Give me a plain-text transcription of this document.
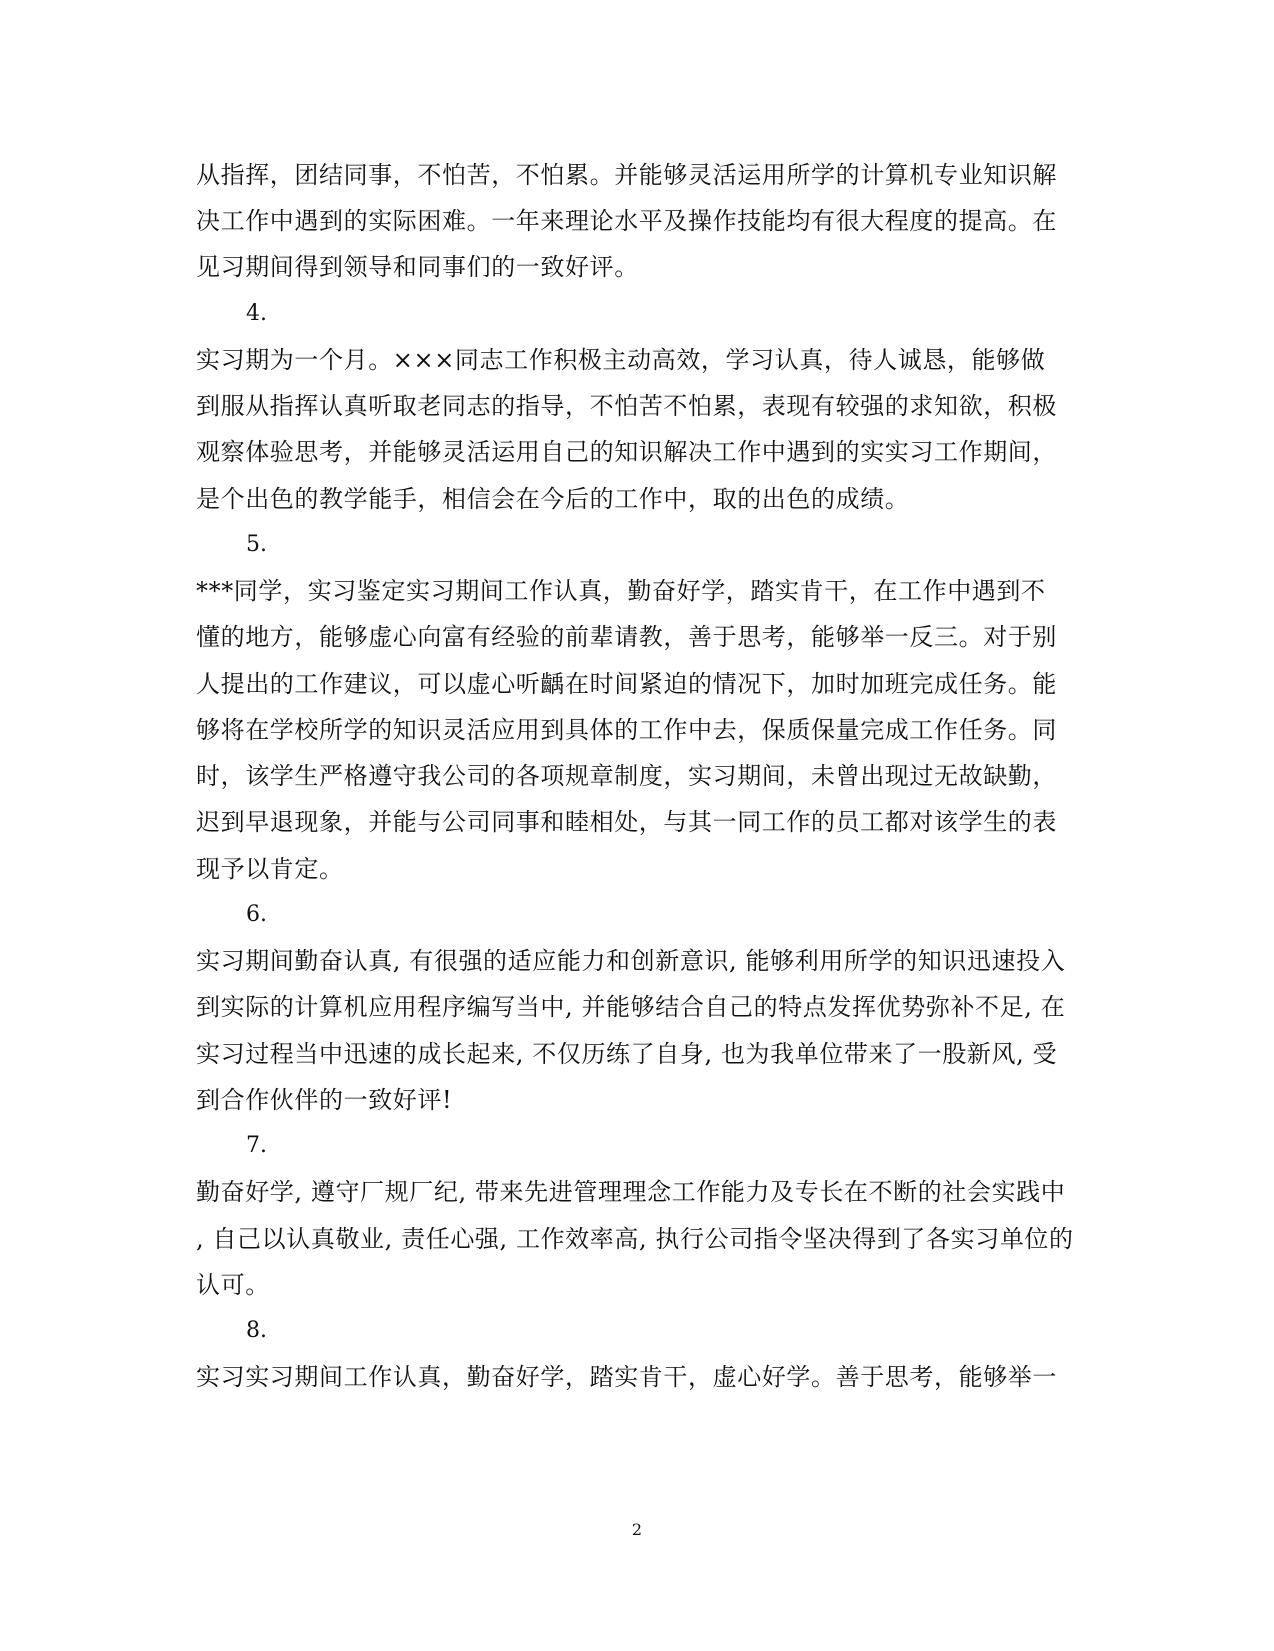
从指挥，团结同事，不怕苦，不怕累。并能够灵活运用所学的计算机专业知识解
决工作中遇到的实际困难。一年来理论水平及操作技能均有很大程度的提高。在
见习期间得到领导和同事们的一致好评。
4.
实习期为一个月。×××同志工作积极主动高效，学习认真，待人诚恳，能够做
到服从指挥认真听取老同志的指导，不怕苦不怕累，表现有较强的求知欲，积极
观察体验思考，并能够灵活运用自己的知识解决工作中遇到的实实习工作期间，
是个出色的教学能手，相信会在今后的工作中，取的出色的成绩。
5.
***同学，实习鉴定实习期间工作认真，勤奋好学，踏实肯干，在工作中遇到不
懂的地方，能够虚心向富有经验的前辈请教，善于思考，能够举一反三。对于别
人提出的工作建议，可以虚心听齲在时间紧迫的情况下，加时加班完成任务。能
够将在学校所学的知识灵活应用到具体的工作中去，保质保量完成工作任务。同
时，该学生严格遵守我公司的各项规章制度，实习期间，未曾出现过无故缺勤，
迟到早退现象，并能与公司同事和睦相处，与其一同工作的员工都对该学生的表
现予以肯定。
6.
实习期间勤奋认真, 有很强的适应能力和创新意识, 能够利用所学的知识迅速投入
到实际的计算机应用程序编写当中, 并能够结合自己的特点发挥优势弥补不足, 在
实习过程当中迅速的成长起来, 不仅历练了自身, 也为我单位带来了一股新风, 受
到合作伙伴的一致好评!
7.
勤奋好学, 遵守厂规厂纪, 带来先进管理理念工作能力及专长在不断的社会实践中
, 自己以认真敬业, 责任心强, 工作效率高, 执行公司指令坚决得到了各实习单位的
认可。
8.
实习实习期间工作认真，勤奋好学，踏实肯干，虚心好学。善于思考，能够举一
2
